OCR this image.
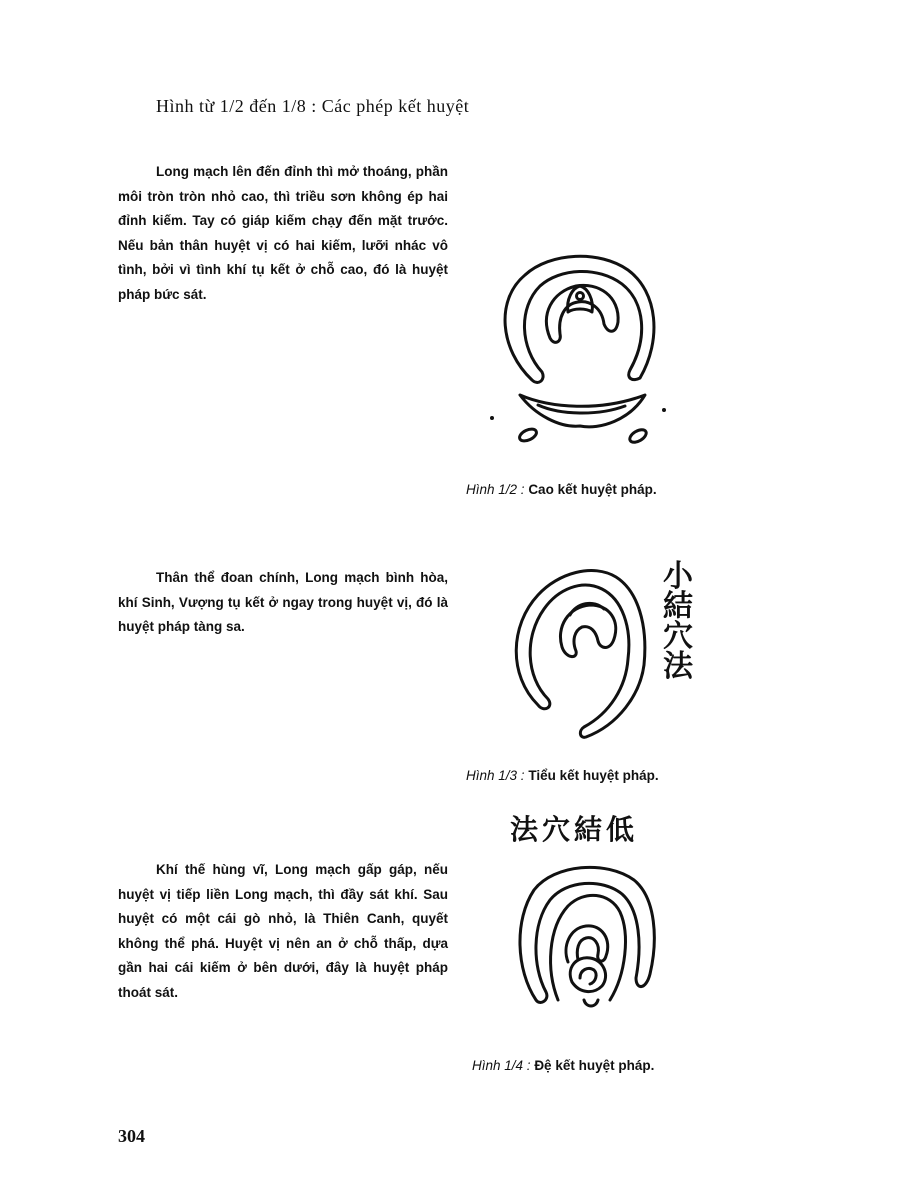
Hình từ 1/2 đến 1/8 : Các phép kết huyệt

Long mạch lên đến đỉnh thì mở thoáng, phần môi tròn tròn nhỏ cao, thì triều sơn không ép hai đỉnh kiếm. Tay có giáp kiếm chạy đến mặt trước. Nếu bản thân huyệt vị có hai kiếm, lưỡi nhác vô tình, bởi vì tình khí tụ kết ở chỗ cao, đó là huyệt pháp bức sát.

Hình 1/2 : Cao kết huyệt pháp.

Thân thể đoan chính, Long mạch bình hòa, khí Sinh, Vượng tụ kết ở ngay trong huyệt vị, đó là huyệt pháp tàng sa.

小
結
穴
法
Hình 1/3 : Tiểu kết huyệt pháp.
法穴結低

Khí thế hùng vĩ, Long mạch gấp gáp, nếu huyệt vị tiếp liền Long mạch, thì đầy sát khí. Sau huyệt có một cái gò nhỏ, là Thiên Canh, quyết không thể phá. Huyệt vị nên an ở chỗ thấp, dựa gần hai cái kiếm ở bên dưới, đây là huyệt pháp thoát sát.

Hình 1/4 : Đệ kết huyệt pháp.
304
